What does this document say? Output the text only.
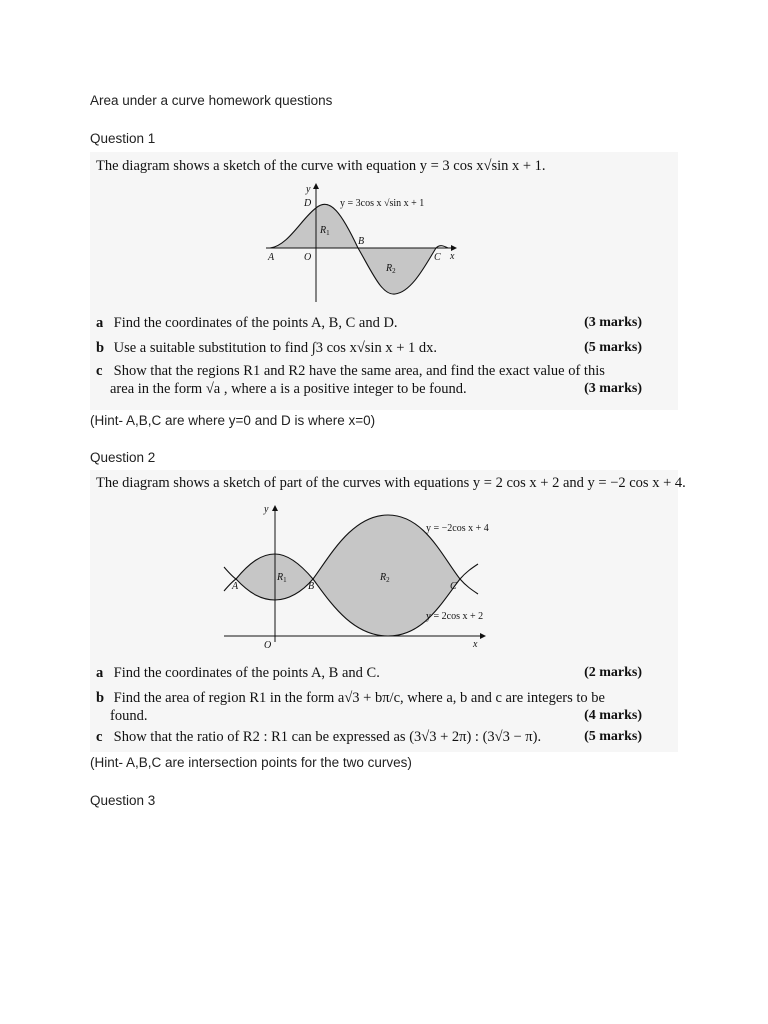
Area under a curve homework questions
Question 1
y
D	y = 3cos x √sin x + 1
$R_1$
B
A	O
$R_2$
C x
The diagram shows a sketch of the curve with equation y = 3 cos x√sin x + 1.
a Find the coordinates of the points A, B, C and D.	(3 marks)
b Use a suitable substitution to find ∫3 cos x√sin x + 1 dx.	(5 marks)
c Show that the regions R1 and R2 have the same area, and find the exact value of this
area in the form √a , where a is a positive integer to be found.	(3 marks)
(Hint- A,B,C are where y=0 and D is where x=0)
Question 2
y
y = −2cos x + 4
$R_1$	$R_2$
A	B	C
y = 2cos x + 2
O	x
The diagram shows a sketch of part of the curves with equations y = 2 cos x + 2 and y = −2 cos x + 4.
a Find the coordinates of the points A, B and C.	(2 marks)
b Find the area of region R1 in the form a√3 + bπ/c, where a, b and c are integers to be
found.	(4 marks)
c Show that the ratio of R2 : R1 can be expressed as (3√3 + 2π) : (3√3 − π).	(5 marks)
(Hint- A,B,C are intersection points for the two curves)
Question 3
